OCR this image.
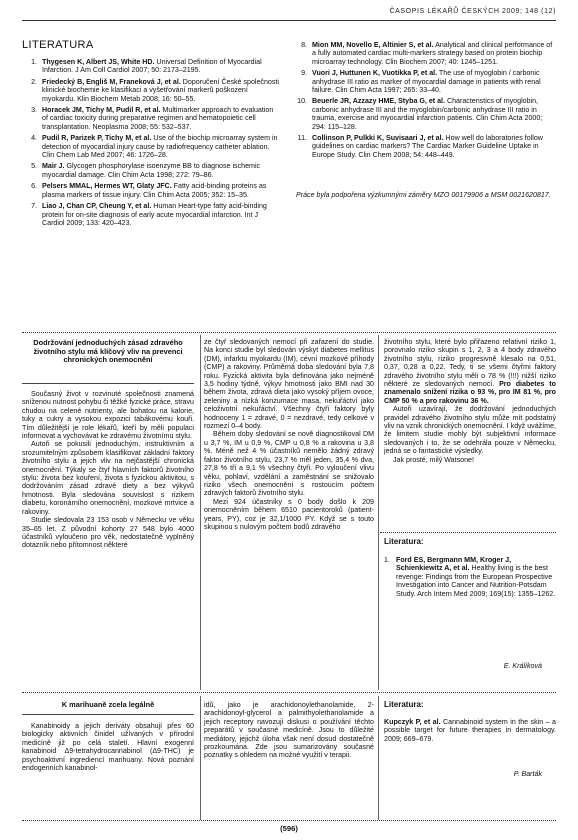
ČASOPIS LÉKAŘŮ ČESKÝCH 2009; 148 (12)
LITERATURA
1. Thygesen K, Albert JS, White HD. Universal Definition of Myocardial Infarction. J Am Coll Cardiol 2007; 50: 2173–2195.
2. Friedecký B, Engliš M, Franeková J, et al. Doporučení České společnosti klinické biochemie ke klasifikaci a vyšetřování markerů poškození myokardu. Klin Biochem Metab 2008; 16: 50–55.
3. Horacek JM, Tichy M, Pudil R, et al. Multimarker approach to evaluation of cardiac toxicity during preparative regimen and hematopoietic cell transplantation. Neoplasma 2008; 55: 532–537.
4. Pudil R, Parizek P, Tichy M, et al. Use of the biochip microarray system in detection of myocardial injury cause by radiofrequency catheter ablation. Clin Chem Lab Med 2007; 46: 1726–28.
5. Mair J. Glycogen phosphorylase isoenzyme BB to diagnose ischemic myocardial damage. Clin Chim Acta 1998; 272: 79–86.
6. Pelsers MMAL, Hermes WT, Glaty JFC. Fatty acid-binding proteins as plasma markers of tissue injury. Clin Chim Acta 2005; 352: 15–35.
7. Liao J, Chan CP, Cheung Y, et al. Human Heart-type fatty acid-binding protein for on-site diagnosis of early acute myocardial infarction. Int J Cardiol 2009; 133: 420–423.
8. Mion MM, Novello E, Altinier S, et al. Analytical and clinical performance of a fully automated cardiac multi-markers strategy based on protein biochip microarray technology. Clin Biochem 2007; 40: 1245–1251.
9. Vuori J, Huttunen K, Vuotikka P, et al. The use of myoglobin / carbonic anhydrase III ratio as marker of myocardial damage in patients with renal failure. Clin Chim Acta 1997; 265: 33–40.
10. Beuerle JR, Azzazy HME, Styba G, et al. Characteristics of myoglobin, carbonic anhydrase III and the myoglobin/carbonic anhydrase III ratio in trauma, exercise and myocardial infarction patients. Clin Chim Acta 2000; 294: 115–128.
11. Collinson P, Pulkki K, Suvisaari J, et al. How well do laboratories follow guidelines on cardiac markers? The Cardiac Marker Guideline Uptake in Europe Study. Clin Chem 2008; 54: 448–449.
Práce byla podpořena výzkumnými záměry MZO 00179906 a MSM 0021620817.
Dodržování jednoduchých zásad zdravého životního stylu má klíčový vliv na prevenci chronických onemocnění

Současný život v rozvinuté společnosti znamená sníženou nutnost pohybu či těžké fyzické práce, stravu chudou na celené nutrienty, ale bohatou na kalorie, tuky a cukry a vysokou expozici tabákovému kouři. Tím důležitější je role lékařů, kteří by měli populaci informovat a vychovávat ke zdravému životnímu stylu.

Autoři se pokusili jednoduchým, instruktivním a srozumitelným způsobem klasifikovat základní faktory životního stylu a jejich vliv na nejčastější chronická onemocnění. Týkaly se čtyř hlavních faktorů životního stylu: života bez kouření, života s fyzickou aktivitou, s dodržováním zásad zdravé diety a bez výkyvů hmotnosti. Byla sledována souvislost s rizikem diabetu, koronárního onemocnění, mozkové mrtvice a rakoviny.

Studie sledovala 23 153 osob v Německu ve věku 35–65 let. Z původní kohorty 27 548 bylo 4000 účastníků vyloučeno pro věk, nedostatečně vyplněný dotazník nebo přítomnost některé

ze čtyř sledovaných nemocí při zařazení do studie. Na konci studie byl sledován výskyt diabetes mellitus (DM), infarktu myokardu (IM), cévní mozkové příhody (CMP) a rakoviny. Průměrná doba sledování byla 7,8 roku. Fyzická aktivita byla definována jako nejméně 3,5 hodiny týdně, výkyv hmotnosti jako BMI nad 30 během života, zdravá dieta jako vysoký příjem ovoce, zeleniny a nízká konzumace masa, nekuřáctví jako celoživotní nekuřáctví. Všechny čtyři faktory byly hodnoceny 1 = zdravé, 0 = nezdravé, tedy celkové v rozmezí 0–4 body.

Během doby sledování se nově diagnostikoval DM u 3,7 %, IM u 0,9 %, CMP u 0,8 % a rakovina u 3,8 %. Méně než 4 % účastníků nemělo žádný zdravý faktor životního stylu, 23,7 % měl jeden, 35,4 % dva, 27,8 % tři a 9,1 % všechny čtyři. Po vyloučení vlivu věku, pohlaví, vzdělání a zaměstnání se snižovalo riziko všech onemocnění s rostoucím počtem zdravých faktorů životního stylu.

Mezi 924 účastníky s 0 body došlo k 209 onemocněním během 6510 pacientoroků (patient-years, PY), coz je 32,1/1000 PY. Když se s touto skupinou s nulovým počtem bodů zdravého

životního stylu, které bylo přiřazeno relativní riziko 1, porovnalo riziko skupin s 1, 2, 3 a 4 body zdravého životního stylu, riziko progresivně klesalo na 0,51, 0,37, 0,28 a 0,22. Tedy, ti se všemi čtyřmi faktory zdravého životního stylu měli o 78 % (!!!) nižší riziko některé ze sledovaných nemocí. Pro diabetes to znamenalo snížení rizika o 93 %, pro IM 81 %, pro CMP 50 % a pro rakovinu 36 %.

Autoři uzavírají, že dodržování jednoduchých pravidel zdravého životního stylu může mít podstatný vliv na vznik chronických onemocnění. I když uvážíme, že limitem studie mohly být subjektivní informace sledovaných i to, že se odehrála pouze v Německu, jedná se o fantastické výsledky.

Jak prosté, milý Watsone!

Literatura:
1. Ford ES, Bergmann MM, Kroger J, Schienkiewitz A, et al. Healthy living is the best revenge: Findings from the European Prospective Investigation into Cancer and Nutrition-Potsdam Study. Arch Intern Med 2009; 169(15): 1355–1262.
E. Králíková
K marihuaně zcela legálně

Kanabinoidy a jejich deriváty obsahují přes 60 biologicky aktivních činidel užívaných v přírodní medicíně již po celá staletí. Hlavní exogenní kanabinoid Δ9-tetrahydrocannabinol (Δ9-THC) je psychoaktivní ingrediencí marihuany. Nová poznání endogenních kanabinol-

idů, jako je arachidonoylethanolamide, 2-arachidonoyl-glycerol a palmithyolethanolamide a jejich receptory navozují diskusi o používání těchto preparátů v současné medicíně. Jsou to důležité mediátory, jejichž úloha však není dosud dostatečně prozkoumána. Zde jsou sumarizovány současné poznatky s ohledem na možné využití v terapii.

Literatura:
Kupczyk P, et al. Cannabinoid system in the skin – a possible target for future therapies in dermatology. 2009; 669–679.
P. Barták
(596)
